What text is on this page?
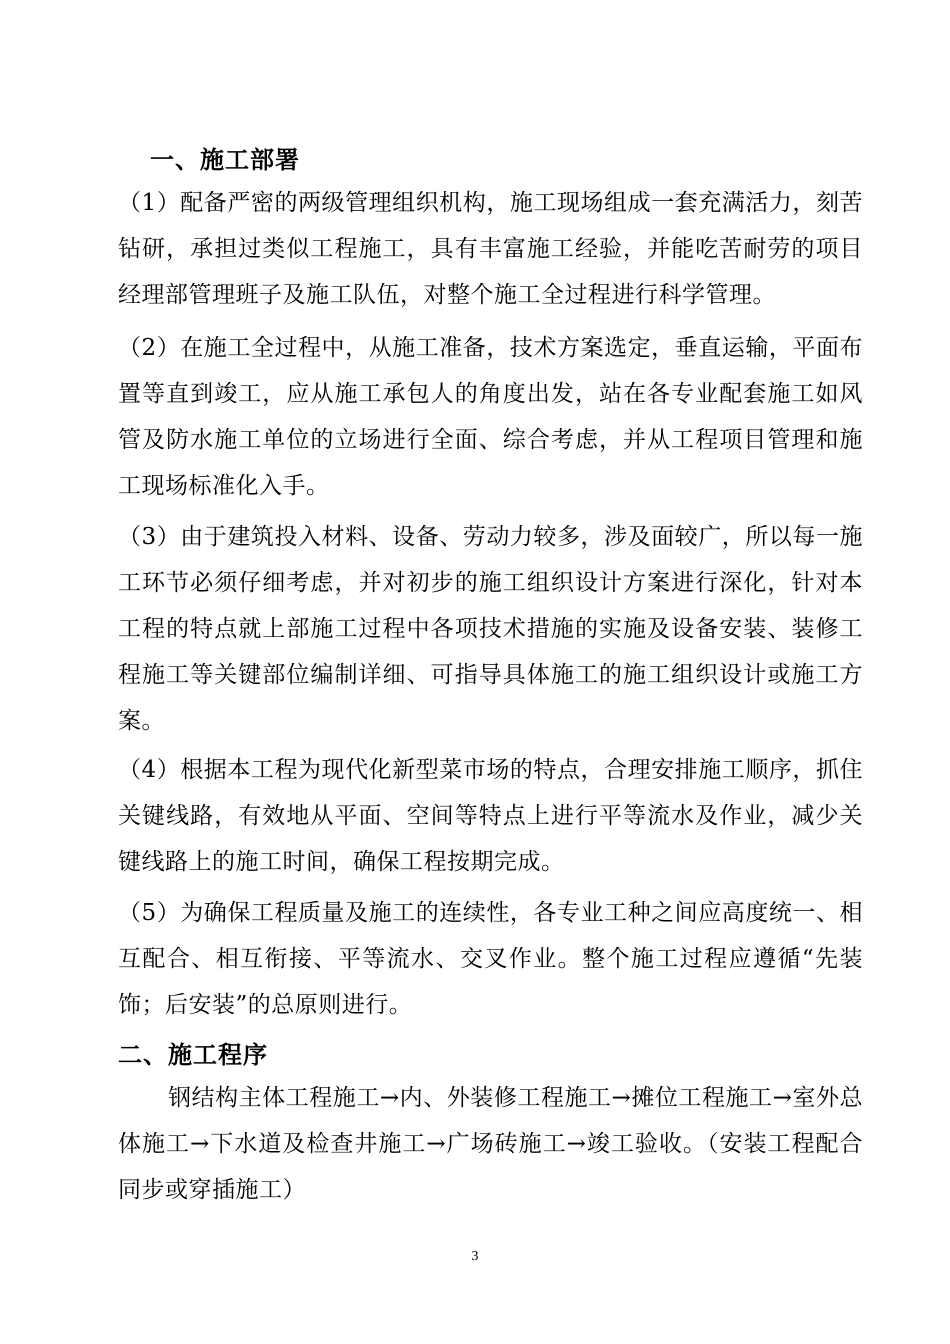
一、施工部署
（1）配备严密的两级管理组织机构，施工现场组成一套充满活力，刻苦钻研，承担过类似工程施工，具有丰富施工经验，并能吃苦耐劳的项目经理部管理班子及施工队伍，对整个施工全过程进行科学管理。
（2）在施工全过程中，从施工准备，技术方案选定，垂直运输，平面布置等直到竣工，应从施工承包人的角度出发，站在各专业配套施工如风管及防水施工单位的立场进行全面、综合考虑，并从工程项目管理和施工现场标准化入手。
（3）由于建筑投入材料、设备、劳动力较多，涉及面较广，所以每一施工环节必须仔细考虑，并对初步的施工组织设计方案进行深化，针对本工程的特点就上部施工过程中各项技术措施的实施及设备安装、装修工程施工等关键部位编制详细、可指导具体施工的施工组织设计或施工方案。
（4）根据本工程为现代化新型菜市场的特点，合理安排施工顺序，抓住关键线路，有效地从平面、空间等特点上进行平等流水及作业，减少关键线路上的施工时间，确保工程按期完成。
（5）为确保工程质量及施工的连续性，各专业工种之间应高度统一、相互配合、相互衔接、平等流水、交叉作业。整个施工过程应遵循“先装饰；后安装”的总原则进行。
二、施工程序
钢结构主体工程施工→内、外装修工程施工→摊位工程施工→室外总体施工→下水道及检查井施工→广场砖施工→竣工验收。（安装工程配合同步或穿插施工）
3
